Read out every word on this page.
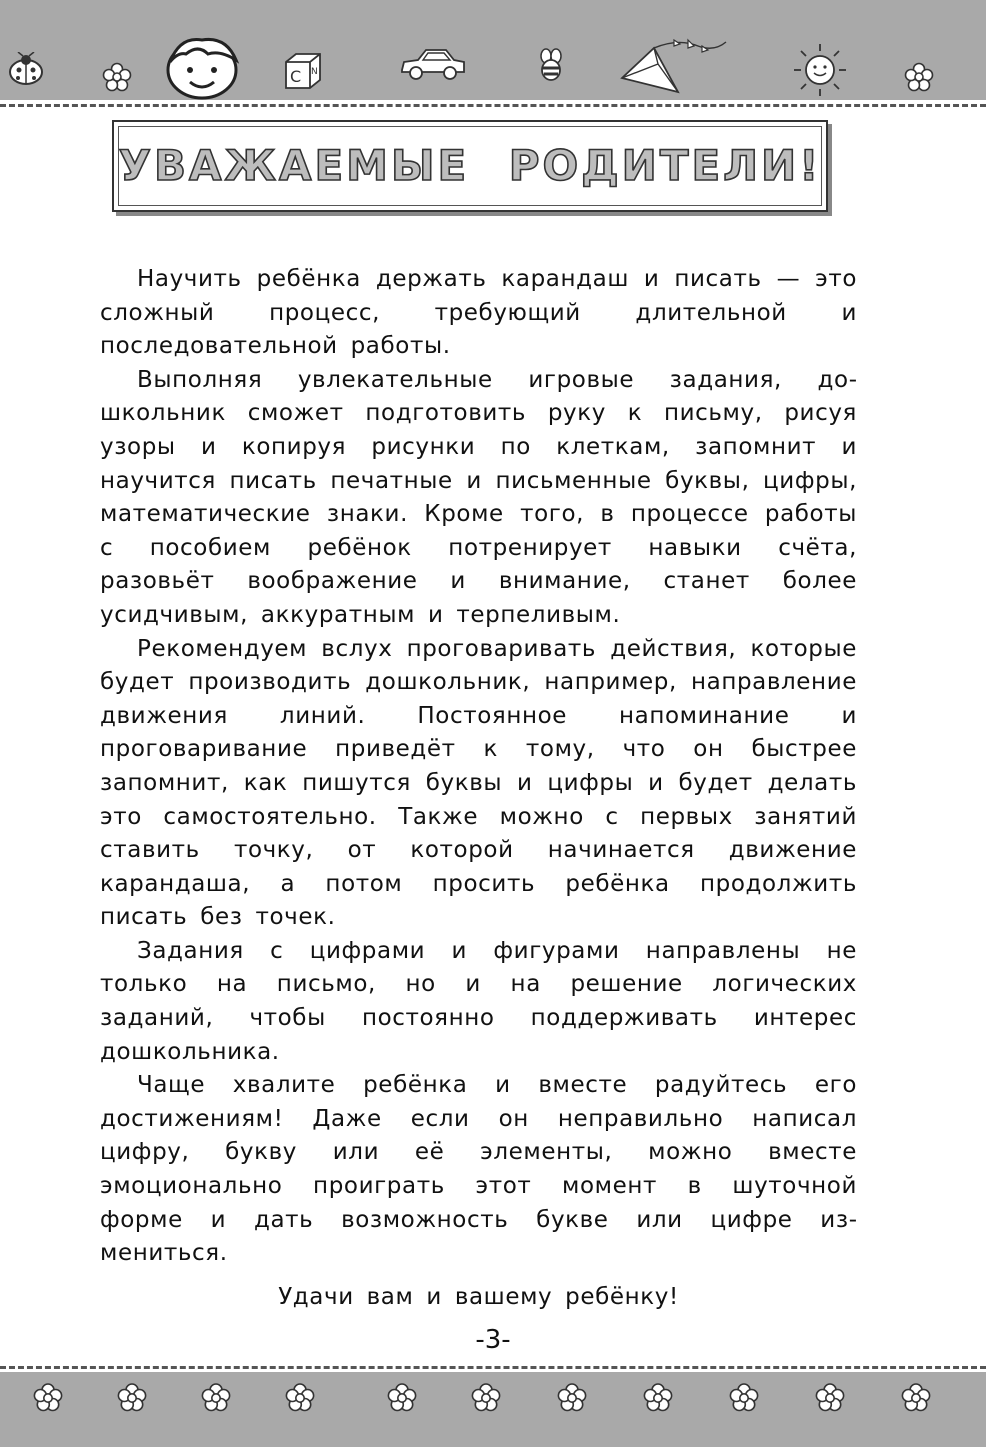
C N
УВАЖАЕМЫЕ РОДИТЕЛИ!

Научить ребёнка держать карандаш и писать — это сложный процесс, требующий длительной и последовательной работы.

Выполняя увлекательные игровые задания, дошкольник сможет подготовить руку к письму, рисуя узоры и копируя рисунки по клеткам, запомнит и научится писать печатные и письменные буквы, цифры, математические знаки. Кроме того, в процессе работы с пособием ребёнок потренирует навыки счёта, разовьёт воображение и внимание, станет более усидчивым, аккуратным и терпеливым.

Рекомендуем вслух проговаривать действия, которые будет производить дошкольник, например, направление движения линий. Постоянное напоминание и проговаривание приведёт к тому, что он быстрее запомнит, как пишутся буквы и цифры и будет делать это самостоятельно. Также можно с первых занятий ставить точку, от которой начинается движение карандаша, а потом просить ребёнка продолжить писать без точек.

Задания с цифрами и фигурами направлены не только на письмо, но и на решение логических заданий, чтобы постоянно поддерживать интерес дошкольника.

Чаще хвалите ребёнка и вместе радуйтесь его достижениям! Даже если он неправильно написал цифру, букву или её элементы, можно вместе эмоционально проиграть этот момент в шуточной форме и дать возможность букве или цифре измениться.

Удачи вам и вашему ребёнку!
-3-
